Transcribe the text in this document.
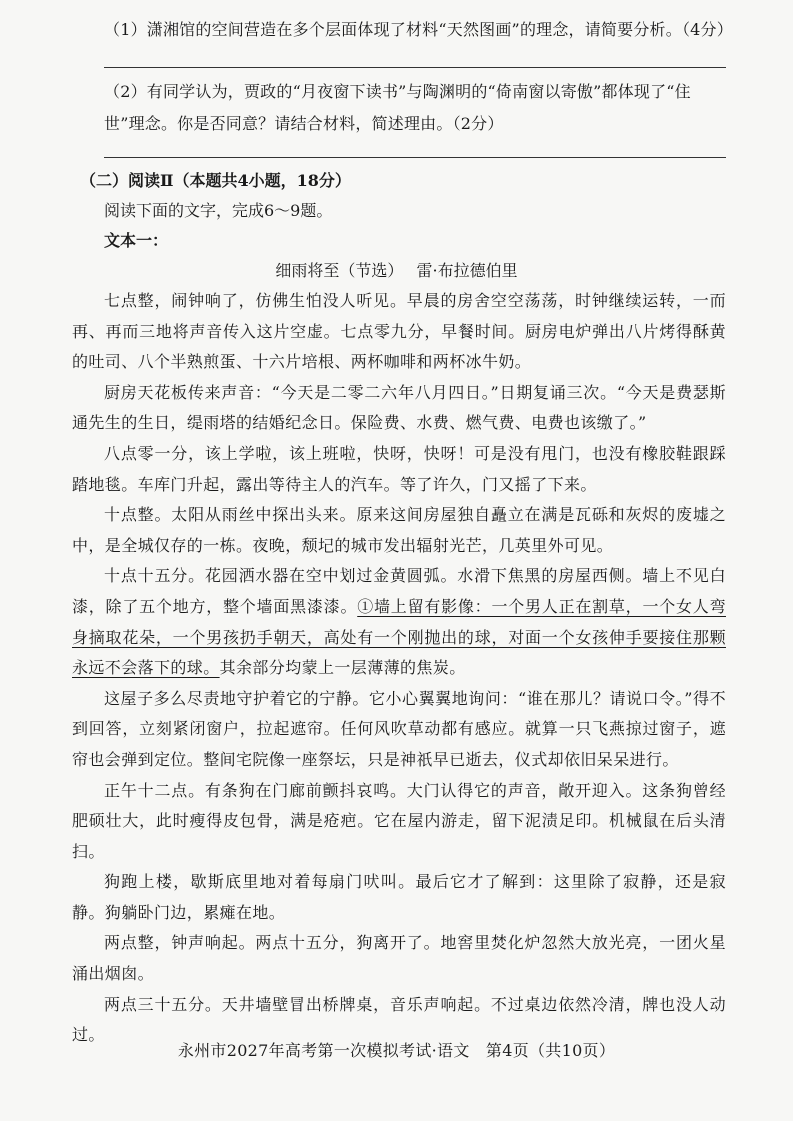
（1）潇湘馆的空间营造在多个层面体现了材料“天然图画”的理念，请简要分析。（4分）
（2）有同学认为，贾政的“月夜窗下读书”与陶渊明的“倚南窗以寄傲”都体现了“住世”理念。你是否同意？请结合材料，简述理由。（2分）
（二）阅读Ⅱ（本题共4小题，18分）
阅读下面的文字，完成6～9题。
文本一：
细雨将至（节选） 雷·布拉德伯里

七点整，闹钟响了，仿佛生怕没人听见。早晨的房舍空空荡荡，时钟继续运转，一而再、再而三地将声音传入这片空虚。七点零九分，早餐时间。厨房电炉弹出八片烤得酥黄的吐司、八个半熟煎蛋、十六片培根、两杯咖啡和两杯冰牛奶。

厨房天花板传来声音：“今天是二零二六年八月四日。”日期复诵三次。“今天是费瑟斯通先生的生日，缇雨塔的结婚纪念日。保险费、水费、燃气费、电费也该缴了。”

八点零一分，该上学啦，该上班啦，快呀，快呀！可是没有甩门，也没有橡胶鞋跟踩踏地毯。车库门升起，露出等待主人的汽车。等了许久，门又摇了下来。

十点整。太阳从雨丝中探出头来。原来这间房屋独自矗立在满是瓦砾和灰烬的废墟之中，是全城仅存的一栋。夜晚，颓圮的城市发出辐射光芒，几英里外可见。

十点十五分。花园洒水器在空中划过金黄圆弧。水滑下焦黑的房屋西侧。墙上不见白漆，除了五个地方，整个墙面黑漆漆。①墙上留有影像：一个男人正在割草，一个女人弯身摘取花朵，一个男孩扔手朝天，高处有一个刚抛出的球，对面一个女孩伸手要接住那颗永远不会落下的球。其余部分均蒙上一层薄薄的焦炭。

这屋子多么尽责地守护着它的宁静。它小心翼翼地询问：“谁在那儿？请说口令。”得不到回答，立刻紧闭窗户，拉起遮帘。任何风吹草动都有感应。就算一只飞燕掠过窗子，遮帘也会弹到定位。整间宅院像一座祭坛，只是神祇早已逝去，仪式却依旧呆呆进行。

正午十二点。有条狗在门廊前颤抖哀鸣。大门认得它的声音，敞开迎入。这条狗曾经肥硕壮大，此时瘦得皮包骨，满是疮疤。它在屋内游走，留下泥渍足印。机械鼠在后头清扫。

狗跑上楼，歇斯底里地对着每扇门吠叫。最后它才了解到：这里除了寂静，还是寂静。狗躺卧门边，累瘫在地。

两点整，钟声响起。两点十五分，狗离开了。地窖里焚化炉忽然大放光亮，一团火星涌出烟囱。

两点三十五分。天井墙壁冒出桥牌桌，音乐声响起。不过桌边依然冷清，牌也没人动过。

永州市2027年高考第一次模拟考试·语文　第4页（共10页）
